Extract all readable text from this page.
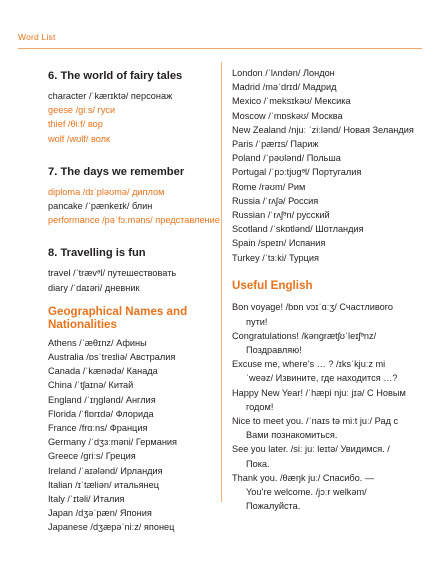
Word List
6. The world of fairy tales
character /ˈkærɪktə/ персонаж
geese /ɡiːs/ гуси
thief /θiːf/ вор
wolf /wʊlf/ волк
7. The days we remember
diploma /dɪˈpləʊmə/ диплом
pancake /ˈpænkeɪk/ блин
performance /pəˈfɔːməns/ представление
8. Travelling is fun
travel /ˈtrævᵊl/ путешествовать
diary /ˈdaɪəri/ дневник
Geographical Names and
Nationalities
Athens /ˈæθɪnz/ Афины
Australia /ɒsˈtreɪliə/ Австралия
Canada /ˈkænədə/ Канада
China /ˈtʃaɪnə/ Китай
England /ˈɪŋɡlənd/ Англия
Florida /ˈflɒrɪdə/ Флорида
France /frɑːns/ Франция
Germany /ˈdʒɜːməni/ Германия
Greece /ɡriːs/ Греция
Ireland /ˈaɪələnd/ Ирландия
Italian /ɪˈtæliən/ итальянец
Italy /ˈɪtəli/ Италия
Japan /dʒəˈpæn/ Япония
Japanese /dʒæpəˈniːz/ японец
London /ˈlʌndən/ Лондон
Madrid /məˈdrɪd/ Мадрид
Mexico /ˈmeksɪkəʊ/ Мексика
Moscow /ˈmɒskəʊ/ Москва
New Zealand /njuː ˈziːlənd/ Новая Зеландия
Paris /ˈpærɪs/ Париж
Poland /ˈpəʊlənd/ Польша
Portugal /ˈpɔːtjʊɡᵊl/ Португалия
Rome /rəʊm/ Рим
Russia /ˈrʌʃə/ Россия
Russian /ˈrʌʃᵊn/ русский
Scotland /ˈskɒtlənd/ Шотландия
Spain /speɪn/ Испания
Turkey /ˈtɜːki/ Турция
Useful English
Bon voyage! /bɒn vɔɪˈɑːʒ/ Счастливого
пути!
Congratulations! /kənɡrætʃʊˈleɪʃᵊnz/
Поздравляю!
Excuse me, where’s … ? /ɪksˈkjuːz mi
ˈweəz/ Извините, где находится …?
Happy New Year! /ˈhæpi njuː jɪə/ С Новым
годом!
Nice to meet you. /ˈnaɪs tə miːt juː/ Рад с
Вами познакомиться.
See you later. /siː juː leɪtə/ Увидимся. /
Пока.
Thank you. /θæŋk juː/ Спасибо. —
You’re welcome. /jɔːr welkəm/
Пожалуйста.
